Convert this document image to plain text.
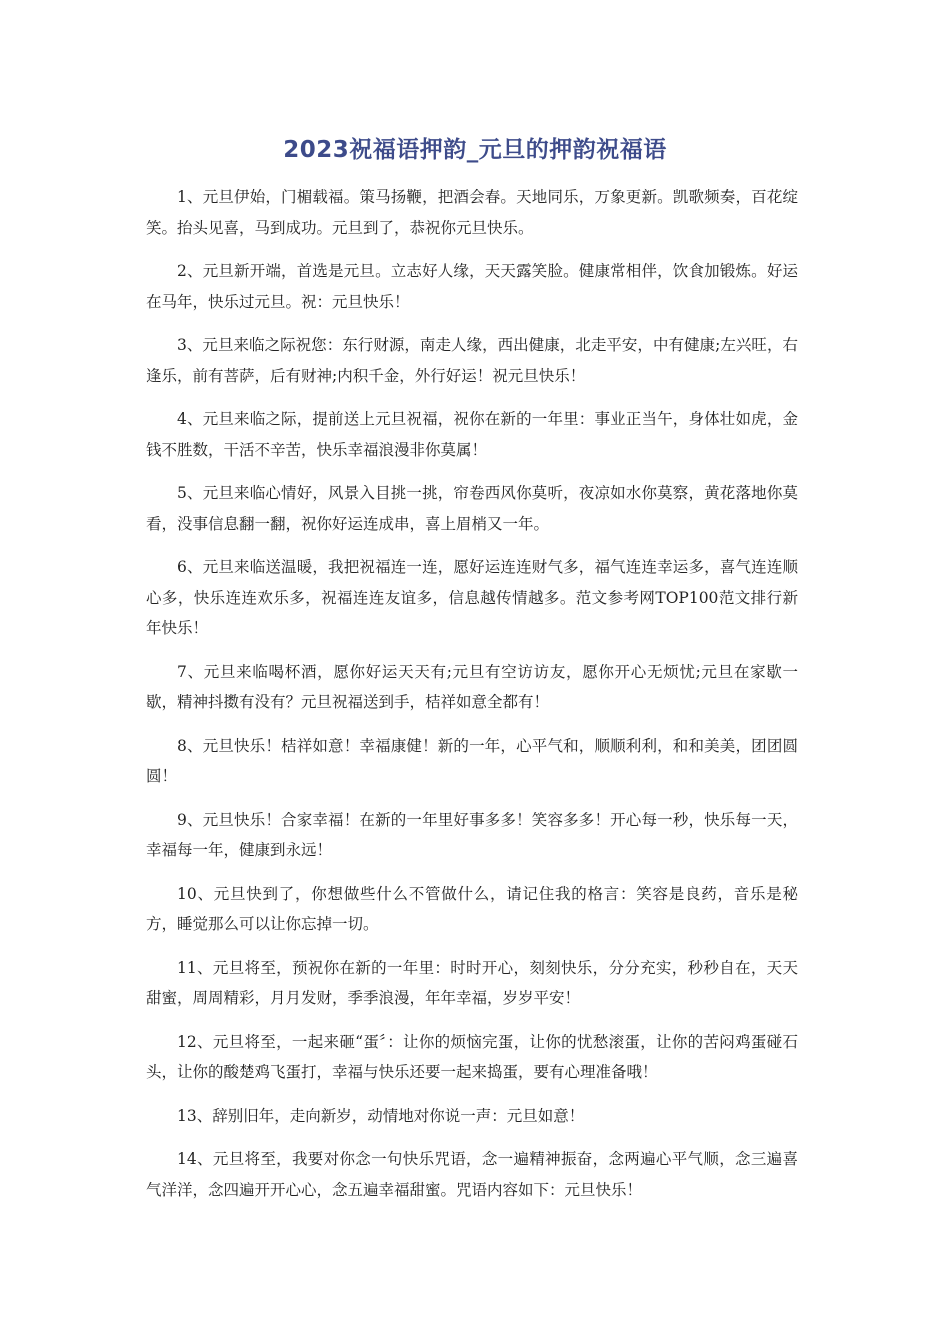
2023祝福语押韵_元旦的押韵祝福语

1、元旦伊始，门楣载福。策马扬鞭，把酒会春。天地同乐，万象更新。凯歌频奏，百花绽笑。抬头见喜，马到成功。元旦到了，恭祝你元旦快乐。

2、元旦新开端，首选是元旦。立志好人缘，天天露笑脸。健康常相伴，饮食加锻炼。好运在马年，快乐过元旦。祝：元旦快乐！

3、元旦来临之际祝您：东行财源，南走人缘，西出健康，北走平安，中有健康;左兴旺，右逢乐，前有菩萨，后有财神;内积千金，外行好运！祝元旦快乐！

4、元旦来临之际，提前送上元旦祝福，祝你在新的一年里：事业正当午，身体壮如虎，金钱不胜数，干活不辛苦，快乐幸福浪漫非你莫属！

5、元旦来临心情好，风景入目挑一挑，帘卷西风你莫听，夜凉如水你莫察，黄花落地你莫看，没事信息翻一翻，祝你好运连成串，喜上眉梢又一年。

6、元旦来临送温暖，我把祝福连一连，愿好运连连财气多，福气连连幸运多，喜气连连顺心多，快乐连连欢乐多，祝福连连友谊多，信息越传情越多。范文参考网TOP100范文排行新年快乐！

7、元旦来临喝杯酒，愿你好运天天有;元旦有空访访友，愿你开心无烦忧;元旦在家歇一歇，精神抖擞有没有？元旦祝福送到手，桔祥如意全都有！

8、元旦快乐！桔祥如意！幸福康健！新的一年，心平气和，顺顺利利，和和美美，团团圆圆！

9、元旦快乐！合家幸福！在新的一年里好事多多！笑容多多！开心每一秒，快乐每一天，幸福每一年，健康到永远！

10、元旦快到了，你想做些什么不管做什么，请记住我的格言：笑容是良药，音乐是秘方，睡觉那么可以让你忘掉一切。

11、元旦将至，预祝你在新的一年里：时时开心，刻刻快乐，分分充实，秒秒自在，天天甜蜜，周周精彩，月月发财，季季浪漫，年年幸福，岁岁平安！

12、元旦将至，一起来砸“蛋〞：让你的烦恼完蛋，让你的忧愁滚蛋，让你的苦闷鸡蛋碰石头，让你的酸楚鸡飞蛋打，幸福与快乐还要一起来捣蛋，要有心理准备哦！

13、辞别旧年，走向新岁，动情地对你说一声：元旦如意！

14、元旦将至，我要对你念一句快乐咒语，念一遍精神振奋，念两遍心平气顺，念三遍喜气洋洋，念四遍开开心心，念五遍幸福甜蜜。咒语内容如下：元旦快乐！
